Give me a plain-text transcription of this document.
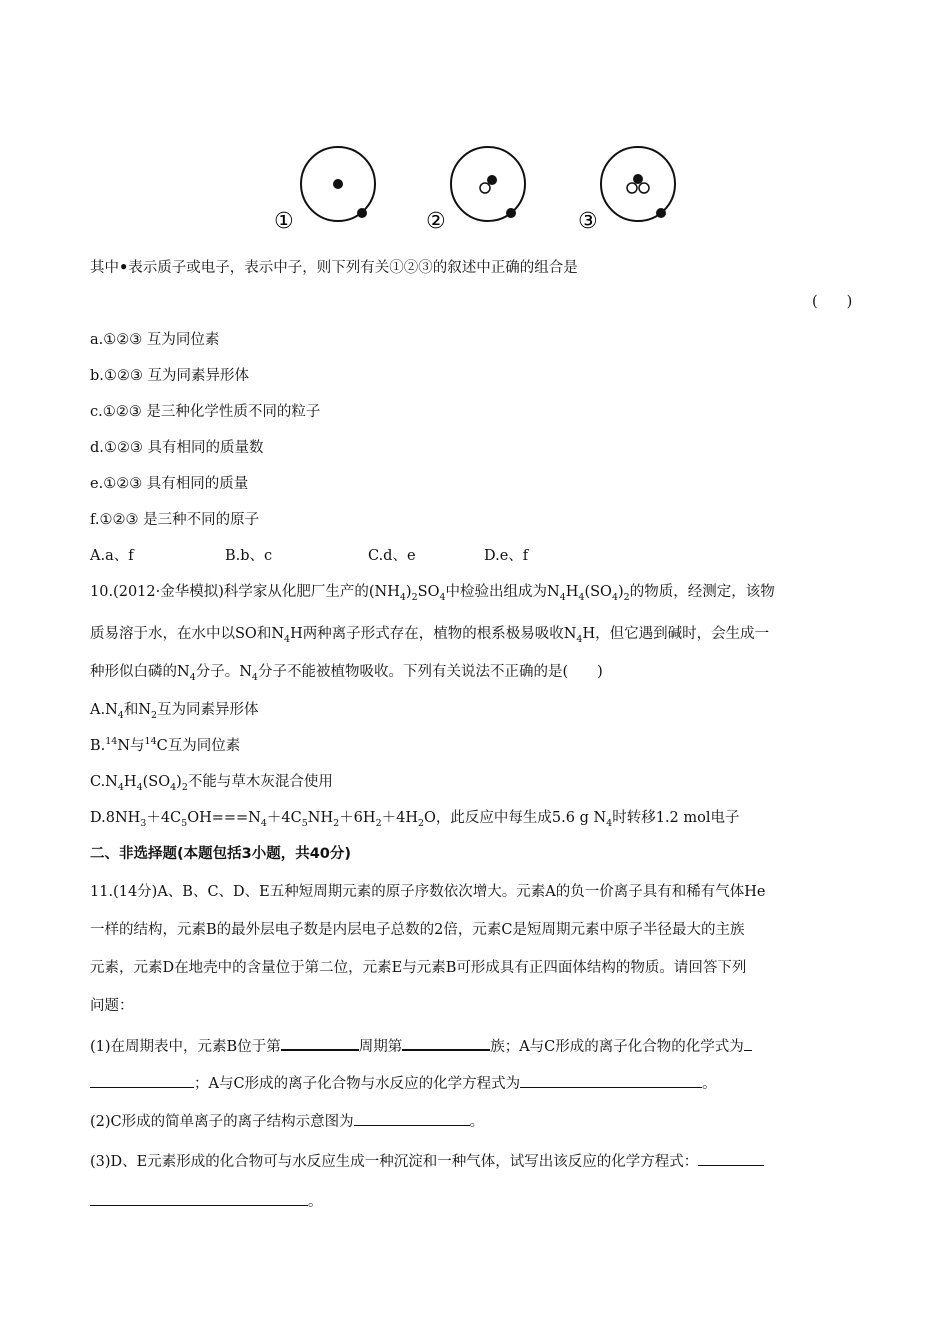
①	②	③
其中•表示质子或电子，表示中子，则下列有关①②③的叙述中正确的组合是
(　　)
a.①②③ 互为同位素
b.①②③ 互为同素异形体
c.①②③ 是三种化学性质不同的粒子
d.①②③ 具有相同的质量数
e.①②③ 具有相同的质量
f.①②③ 是三种不同的原子
A.a、f	B.b、c	C.d、e	D.e、f
10.(2012·金华模拟)科学家从化肥厂生产的$(NH_4)_2SO_4$中检验出组成为$N_4H_4(SO_4)_2$的物质，经测定，该物
质易溶于水，在水中以SO和$N_4H$两种离子形式存在，植物的根系极易吸收$N_4H$，但它遇到碱时，会生成一
种形似白磷的$N_4$分子。$N_4$分子不能被植物吸收。下列有关说法不正确的是(　　)
$A.N_4$和$N_2$互为同素异形体
B.$^{14}$N与$^{14}$C互为同位素
$C.N_4H_4(SO_4)_2$不能与草木灰混合使用
$D.8NH_3+4C_5OH===N_4+4C_5NH_2+6H_2+4H_2O$，此反应中每生成5.6 g $N_4$时转移1.2 mol电子
二、非选择题(本题包括3小题，共40分)
11.(14分)A、B、C、D、E五种短周期元素的原子序数依次增大。元素A的负一价离子具有和稀有气体He
一样的结构，元素B的最外层电子数是内层电子总数的2倍，元素C是短周期元素中原子半径最大的主族
元素，元素D在地壳中的含量位于第二位，元素E与元素B可形成具有正四面体结构的物质。请回答下列
问题：
(1)在周期表中，元素B位于第	周期第	族；A与C形成的离子化合物的化学式为
；A与C形成的离子化合物与水反应的化学方程式为	。
(2)C形成的简单离子的离子结构示意图为	。
(3)D、E元素形成的化合物可与水反应生成一种沉淀和一种气体，试写出该反应的化学方程式：
。
